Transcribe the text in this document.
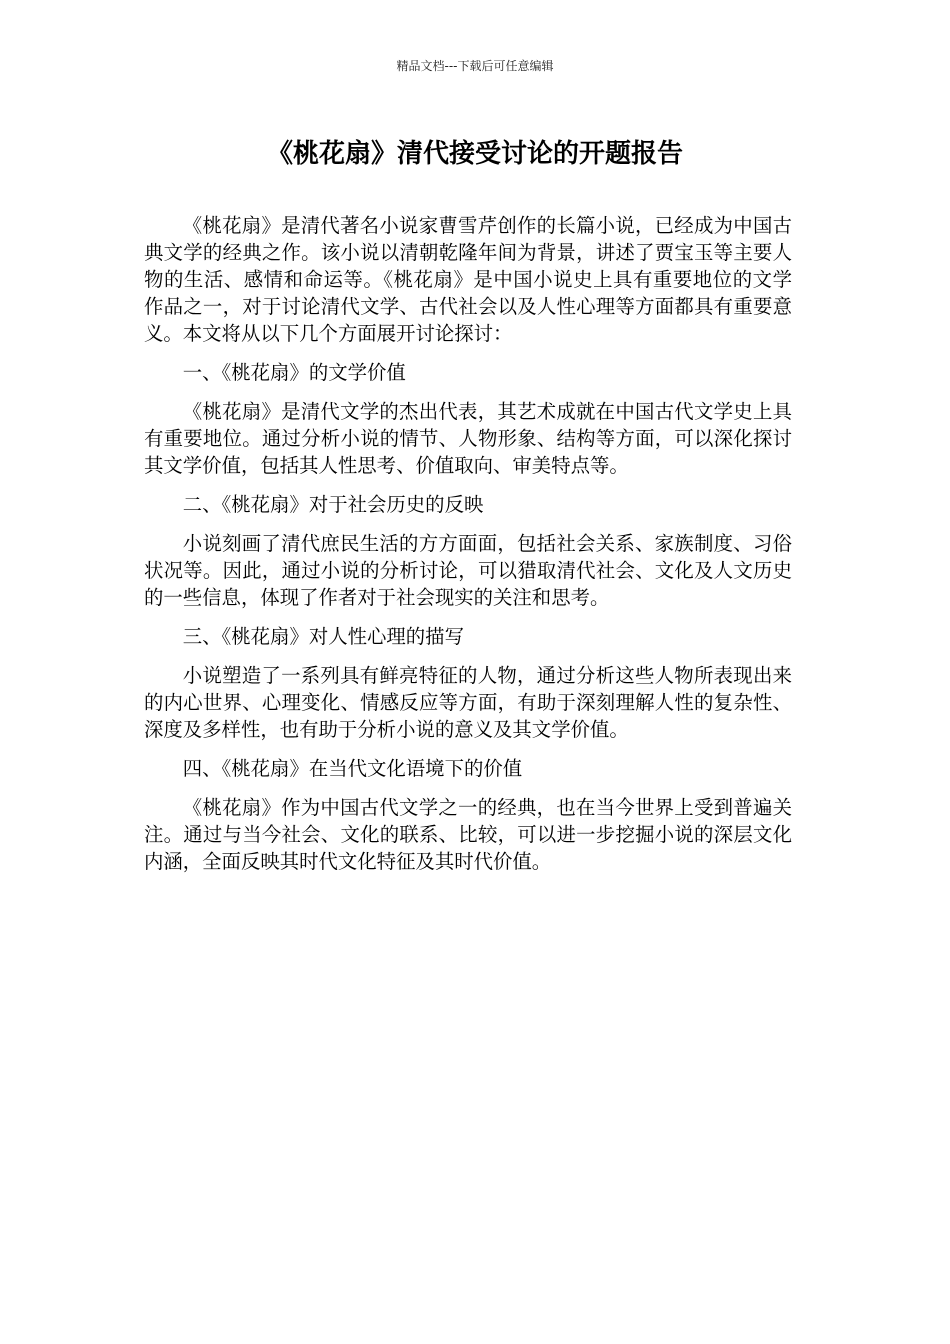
精品文档---下载后可任意编辑
《桃花扇》清代接受讨论的开题报告

《桃花扇》是清代著名小说家曹雪芹创作的长篇小说，已经成为中国古典文学的经典之作。该小说以清朝乾隆年间为背景，讲述了贾宝玉等主要人物的生活、感情和命运等。《桃花扇》是中国小说史上具有重要地位的文学作品之一，对于讨论清代文学、古代社会以及人性心理等方面都具有重要意义。本文将从以下几个方面展开讨论探讨：

一、《桃花扇》的文学价值

《桃花扇》是清代文学的杰出代表，其艺术成就在中国古代文学史上具有重要地位。通过分析小说的情节、人物形象、结构等方面，可以深化探讨其文学价值，包括其人性思考、价值取向、审美特点等。

二、《桃花扇》对于社会历史的反映

小说刻画了清代庶民生活的方方面面，包括社会关系、家族制度、习俗状况等。因此，通过小说的分析讨论，可以猎取清代社会、文化及人文历史的一些信息，体现了作者对于社会现实的关注和思考。

三、《桃花扇》对人性心理的描写

小说塑造了一系列具有鲜亮特征的人物，通过分析这些人物所表现出来的内心世界、心理变化、情感反应等方面，有助于深刻理解人性的复杂性、深度及多样性，也有助于分析小说的意义及其文学价值。

四、《桃花扇》在当代文化语境下的价值

《桃花扇》作为中国古代文学之一的经典，也在当今世界上受到普遍关注。通过与当今社会、文化的联系、比较，可以进一步挖掘小说的深层文化内涵，全面反映其时代文化特征及其时代价值。
